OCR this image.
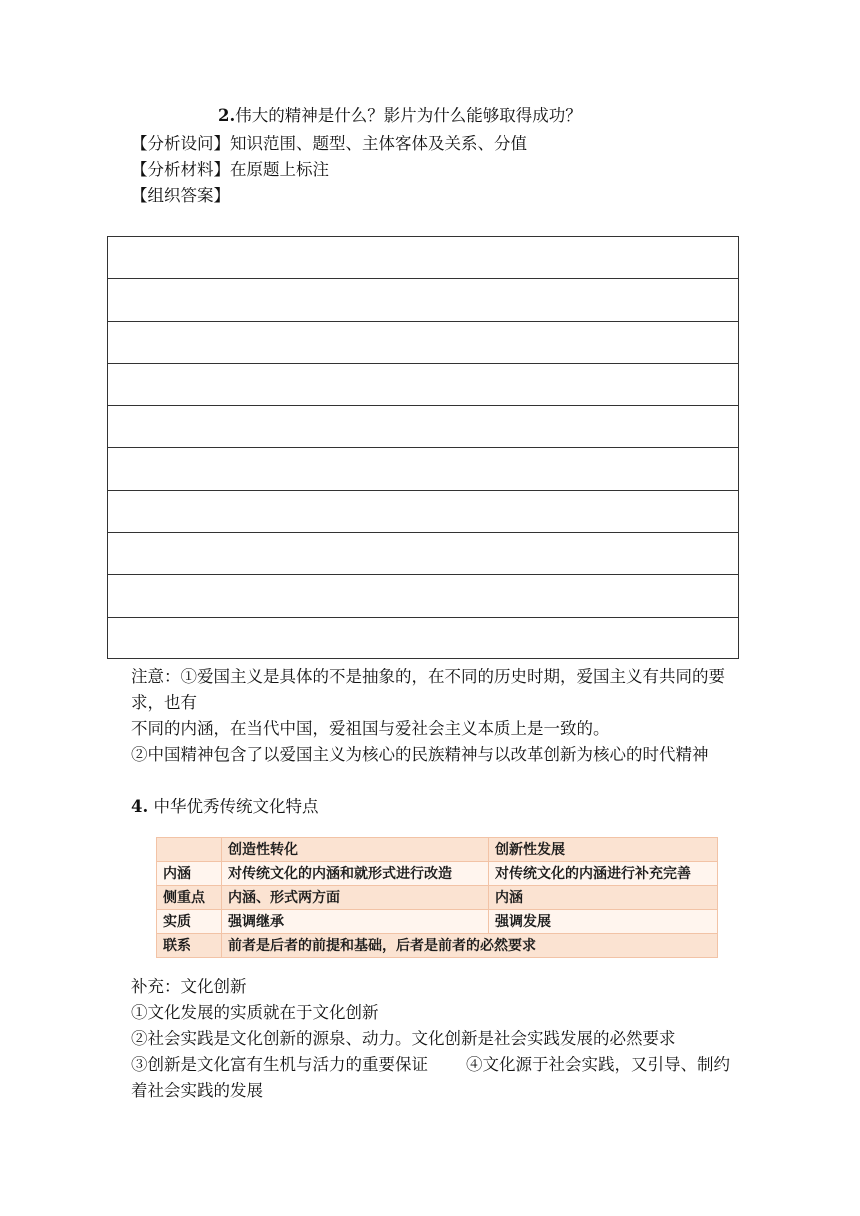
2.伟大的精神是什么？影片为什么能够取得成功？
【分析设问】知识范围、题型、主体客体及关系、分值
【分析材料】在原题上标注
【组织答案】
注意：①爱国主义是具体的不是抽象的，在不同的历史时期，爱国主义有共同的要求，也有
不同的内涵，在当代中国，爱祖国与爱社会主义本质上是一致的。
②中国精神包含了以爱国主义为核心的民族精神与以改革创新为核心的时代精神
4. 中华优秀传统文化特点
	创造性转化	创新性发展
内涵	对传统文化的内涵和就形式进行改造	对传统文化的内涵进行补充完善
侧重点	内涵、形式两方面	内涵
实质	强调继承	强调发展
联系	前者是后者的前提和基础，后者是前者的必然要求	
补充：文化创新
①文化发展的实质就在于文化创新
②社会实践是文化创新的源泉、动力。文化创新是社会实践发展的必然要求
③创新是文化富有生机与活力的重要保证 ④文化源于社会实践，又引导、制约着社会实践的发展
